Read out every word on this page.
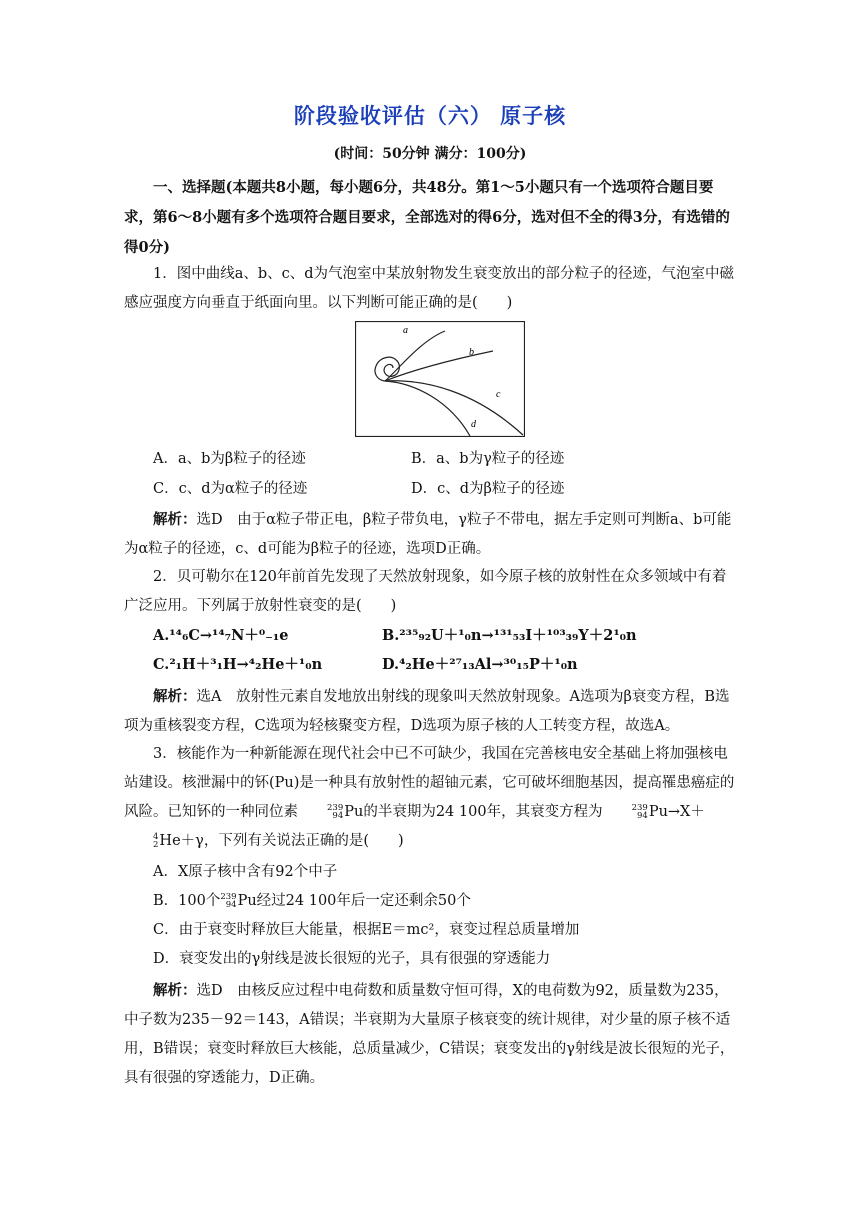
阶段验收评估（六） 原子核
(时间：50分钟 满分：100分)

一、选择题(本题共8小题，每小题6分，共48分。第1～5小题只有一个选项符合题目要求，第6～8小题有多个选项符合题目要求，全部选对的得6分，选对但不全的得3分，有选错的得0分)

1．图中曲线a、b、c、d为气泡室中某放射物发生衰变放出的部分粒子的径迹，气泡室中磁感应强度方向垂直于纸面向里。以下判断可能正确的是(　　)

a
b
c
d
A．a、b为β粒子的径迹	B．a、b为γ粒子的径迹
C．c、d为α粒子的径迹	D．c、d为β粒子的径迹

解析：选D　由于α粒子带正电，β粒子带负电，γ粒子不带电，据左手定则可判断a、b可能为α粒子的径迹，c、d可能为β粒子的径迹，选项D正确。

2．贝可勒尔在120年前首先发现了天然放射现象，如今原子核的放射性在众多领域中有着广泛应用。下列属于放射性衰变的是(　　)

A.¹⁴₆C→¹⁴₇N＋⁰₋₁e	B.²³⁵₉₂U＋¹₀n→¹³¹₅₃I＋¹⁰³₃₉Y＋2¹₀n
C.²₁H＋³₁H→⁴₂He＋¹₀n	D.⁴₂He＋²⁷₁₃Al→³⁰₁₅P＋¹₀n

解析：选A　放射性元素自发地放出射线的现象叫天然放射现象。A选项为β衰变方程，B选项为重核裂变方程，C选项为轻核聚变方程，D选项为原子核的人工转变方程，故选A。

3．核能作为一种新能源在现代社会中已不可缺少，我国在完善核电安全基础上将加强核电站建设。核泄漏中的钚(Pu)是一种具有放射性的超铀元素，它可破坏细胞基因，提高罹患癌症的风险。已知钚的一种同位素	239
94 Pu的半衰期为24 100年，其衰变方程为	239
94 Pu→X＋
4
2 He＋γ，下列有关说法正确的是(　　)

A．X原子核中含有92个中子
B．100个 239
94 Pu经过24 100年后一定还剩余50个
C．由于衰变时释放巨大能量，根据E＝mc²，衰变过程总质量增加
D．衰变发出的γ射线是波长很短的光子，具有很强的穿透能力

解析：选D　由核反应过程中电荷数和质量数守恒可得，X的电荷数为92，质量数为235，中子数为235－92＝143，A错误；半衰期为大量原子核衰变的统计规律，对少量的原子核不适用，B错误；衰变时释放巨大核能，总质量减少，C错误；衰变发出的γ射线是波长很短的光子，具有很强的穿透能力，D正确。
